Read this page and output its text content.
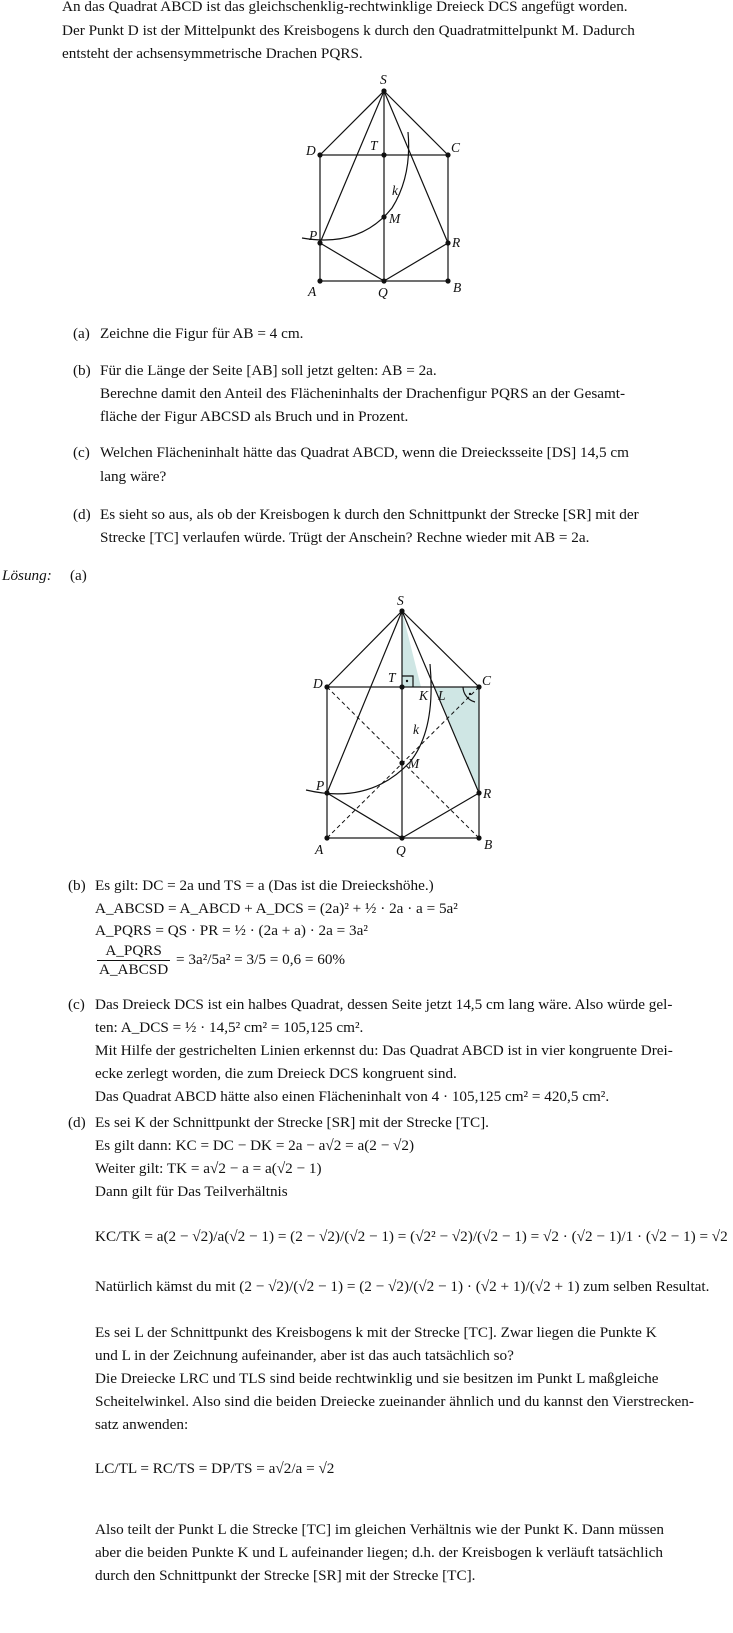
An das Quadrat ABCD ist das gleichschenklig-rechtwinklige Dreieck DCS angefügt worden.
Der Punkt D ist der Mittelpunkt des Kreisbogens k durch den Quadratmittelpunkt M. Dadurch
entsteht der achsensymmetrische Drachen PQRS.
S
T	C
D
k
M
P	R
A	Q	B
(a) Zeichne die Figur für AB = 4 cm.
(b) Für die Länge der Seite [AB] soll jetzt gelten: AB = 2a.
Berechne damit den Anteil des Flächeninhalts der Drachenfigur PQRS an der Gesamt-
fläche der Figur ABCSD als Bruch und in Prozent.
(c) Welchen Flächeninhalt hätte das Quadrat ABCD, wenn die Dreiecksseite [DS] 14,5 cm
lang wäre?
(d) Es sieht so aus, als ob der Kreisbogen k durch den Schnittpunkt der Strecke [SR] mit der
Strecke [TC] verlaufen würde. Trügt der Anschein? Rechne wieder mit AB = 2a.
Lösung: (a)
S
T
K L
C
D
k
M
P
R
A	Q	B
(b) Es gilt: DC = 2a und TS = a (Das ist die Dreieckshöhe.)
A_ABCSD = A_ABCD + A_DCS = (2a)² + ½ · 2a · a = 5a²
A_PQRS = QS · PR = ½ · (2a + a) · 2a = 3a²
$\frac{\text{A\_PQRS}}{\text{A\_ABCSD}} = 3a^2/5a^2 = 3/5 = 0,6 = 60\%$
(c) Das Dreieck DCS ist ein halbes Quadrat, dessen Seite jetzt 14,5 cm lang wäre. Also würde gel-
ten: A_DCS = ½ · 14,5² cm² = 105,125 cm².
Mit Hilfe der gestrichelten Linien erkennst du: Das Quadrat ABCD ist in vier kongruente Drei-
ecke zerlegt worden, die zum Dreieck DCS kongruent sind.
Das Quadrat ABCD hätte also einen Flächeninhalt von 4 · 105,125 cm² = 420,5 cm².
(d) Es sei K der Schnittpunkt der Strecke [SR] mit der Strecke [TC].
Es gilt dann: KC = DC − DK = 2a − a√2 = a(2 − √2)
Weiter gilt: TK = a√2 − a = a(√2 − 1)
Dann gilt für Das Teilverhältnis
KC/TK = a(2 − √2)/a(√2 − 1) = (2 − √2)/(√2 − 1) = (√2² − √2)/(√2 − 1) = √2 · (√2 − 1)/1 · (√2 − 1) = √2
Natürlich kämst du mit (2 − √2)/(√2 − 1) = (2 − √2)/(√2 − 1) · (√2 + 1)/(√2 + 1) zum selben Resultat.
Es sei L der Schnittpunkt des Kreisbogens k mit der Strecke [TC]. Zwar liegen die Punkte K
und L in der Zeichnung aufeinander, aber ist das auch tatsächlich so?
Die Dreiecke LRC und TLS sind beide rechtwinklig und sie besitzen im Punkt L maßgleiche
Scheitelwinkel. Also sind die beiden Dreiecke zueinander ähnlich und du kannst den Vierstrecken-
satz anwenden:
LC/TL = RC/TS = DP/TS = a√2/a = √2
Also teilt der Punkt L die Strecke [TC] im gleichen Verhältnis wie der Punkt K. Dann müssen
aber die beiden Punkte K und L aufeinander liegen; d.h. der Kreisbogen k verläuft tatsächlich
durch den Schnittpunkt der Strecke [SR] mit der Strecke [TC].
